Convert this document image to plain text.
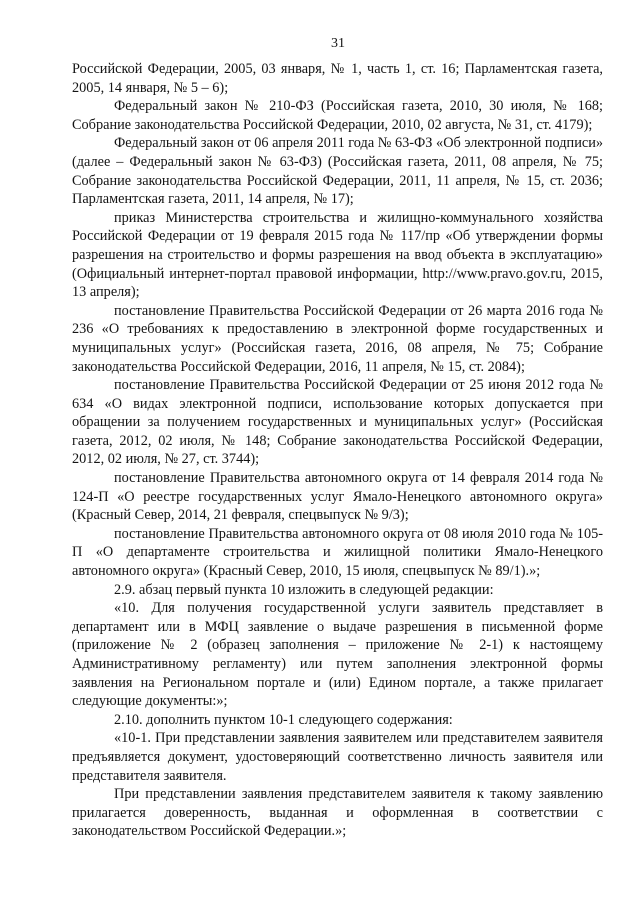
31

Российской Федерации, 2005, 03 января, № 1, часть 1, ст. 16; Парламентская газета, 2005, 14 января, № 5 – 6);

Федеральный закон № 210-ФЗ (Российская газета, 2010, 30 июля, № 168; Собрание законодательства Российской Федерации, 2010, 02 августа, № 31, ст. 4179);

Федеральный закон от 06 апреля 2011 года № 63-ФЗ «Об электронной подписи» (далее – Федеральный закон № 63-ФЗ) (Российская газета, 2011, 08 апреля, № 75; Собрание законодательства Российской Федерации, 2011, 11 апреля, № 15, ст. 2036; Парламентская газета, 2011, 14 апреля, № 17);

приказ Министерства строительства и жилищно-коммунального хозяйства Российской Федерации от 19 февраля 2015 года № 117/пр «Об утверждении формы разрешения на строительство и формы разрешения на ввод объекта в эксплуатацию» (Официальный интернет-портал правовой информации, http://www.pravo.gov.ru, 2015, 13 апреля);

постановление Правительства Российской Федерации от 26 марта 2016 года № 236 «О требованиях к предоставлению в электронной форме государственных и муниципальных услуг» (Российская газета, 2016, 08 апреля, № 75; Собрание законодательства Российской Федерации, 2016, 11 апреля, № 15, ст. 2084);

постановление Правительства Российской Федерации от 25 июня 2012 года № 634 «О видах электронной подписи, использование которых допускается при обращении за получением государственных и муниципальных услуг» (Российская газета, 2012, 02 июля, № 148; Собрание законодательства Российской Федерации, 2012, 02 июля, № 27, ст. 3744);

постановление Правительства автономного округа от 14 февраля 2014 года № 124-П «О реестре государственных услуг Ямало-Ненецкого автономного округа» (Красный Север, 2014, 21 февраля, спецвыпуск № 9/3);

постановление Правительства автономного округа от 08 июля 2010 года № 105-П «О департаменте строительства и жилищной политики Ямало-Ненецкого автономного округа» (Красный Север, 2010, 15 июля, спецвыпуск № 89/1).»;

2.9. абзац первый пункта 10 изложить в следующей редакции:

«10. Для получения государственной услуги заявитель представляет в департамент или в МФЦ заявление о выдаче разрешения в письменной форме (приложение № 2 (образец заполнения – приложение № 2-1) к настоящему Административному регламенту) или путем заполнения электронной формы заявления на Региональном портале и (или) Едином портале, а также прилагает следующие документы:»;

2.10. дополнить пунктом 10-1 следующего содержания:

«10-1. При представлении заявления заявителем или представителем заявителя предъявляется документ, удостоверяющий соответственно личность заявителя или представителя заявителя.

При представлении заявления представителем заявителя к такому заявлению прилагается доверенность, выданная и оформленная в соответствии с законодательством Российской Федерации.»;
